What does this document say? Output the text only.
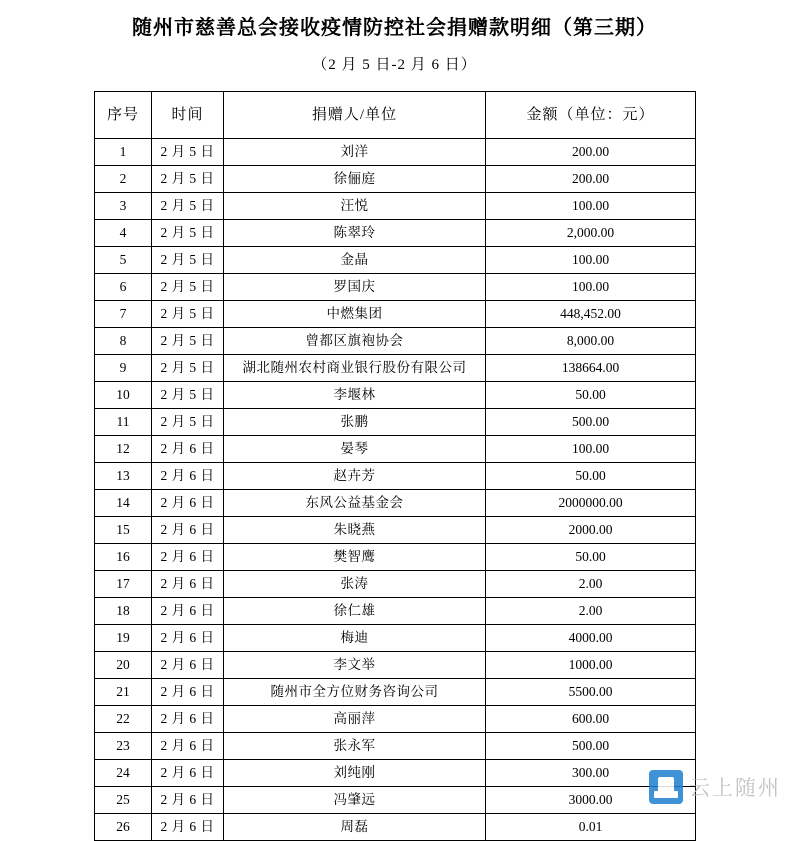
随州市慈善总会接收疫情防控社会捐赠款明细（第三期）
（2 月 5 日-2 月 6 日）
序号	时间	捐赠人/单位	金额（单位：元）
1	2 月 5 日	刘洋	200.00
2	2 月 5 日	徐俪庭	200.00
3	2 月 5 日	汪悦	100.00
4	2 月 5 日	陈翠玲	2,000.00
5	2 月 5 日	金晶	100.00
6	2 月 5 日	罗国庆	100.00
7	2 月 5 日	中燃集团	448,452.00
8	2 月 5 日	曾都区旗袍协会	8,000.00
9	2 月 5 日	湖北随州农村商业银行股份有限公司	138664.00
10	2 月 5 日	李堰林	50.00
11	2 月 5 日	张鹏	500.00
12	2 月 6 日	晏琴	100.00
13	2 月 6 日	赵卉芳	50.00
14	2 月 6 日	东风公益基金会	2000000.00
15	2 月 6 日	朱晓燕	2000.00
16	2 月 6 日	樊智鹰	50.00
17	2 月 6 日	张涛	2.00
18	2 月 6 日	徐仁雄	2.00
19	2 月 6 日	梅迪	4000.00
20	2 月 6 日	李文举	1000.00
21	2 月 6 日	随州市全方位财务咨询公司	5500.00
22	2 月 6 日	高丽萍	600.00
23	2 月 6 日	张永军	500.00
24	2 月 6 日	刘纯刚	300.00
25	2 月 6 日	冯肇远	3000.00
26	2 月 6 日	周磊	0.01
云上随州
